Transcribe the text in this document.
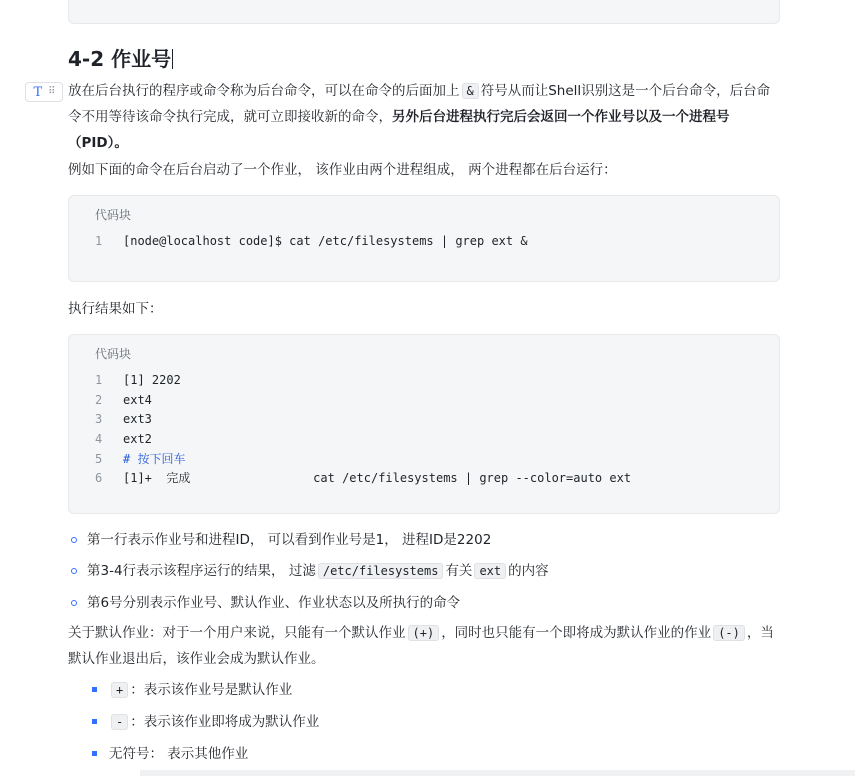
4-2 作业号
T ⠿ 放在后台执行的程序或命令称为后台命令，可以在命令的后面加上 & 符号从而让Shell识别这是一个后台命令，后台命令不用等待该命令执行完成，就可立即接收新的命令，另外后台进程执行完后会返回一个作业号以及一个进程号（PID）。

例如下面的命令在后台启动了一个作业， 该作业由两个进程组成， 两个进程都在后台运行：

代码块
1	[node@localhost code]$ cat /etc/filesystems | grep ext &

执行结果如下：

代码块
1	[1] 2202
2	ext4
3	ext3
4	ext2
5	# 按下回车
6	[1]+  完成                 cat /etc/filesystems | grep --color=auto ext
第一行表示作业号和进程ID， 可以看到作业号是1， 进程ID是2202
第3-4行表示该程序运行的结果， 过滤 /etc/filesystems 有关 ext 的内容
第6号分别表示作业号、默认作业、作业状态以及所执行的命令

关于默认作业：对于一个用户来说，只能有一个默认作业 (+) ，同时也只能有一个即将成为默认作业的作业 (-) ，当默认作业退出后，该作业会成为默认作业。

+ ：表示该作业号是默认作业
- ：表示该作业即将成为默认作业
无符号： 表示其他作业
